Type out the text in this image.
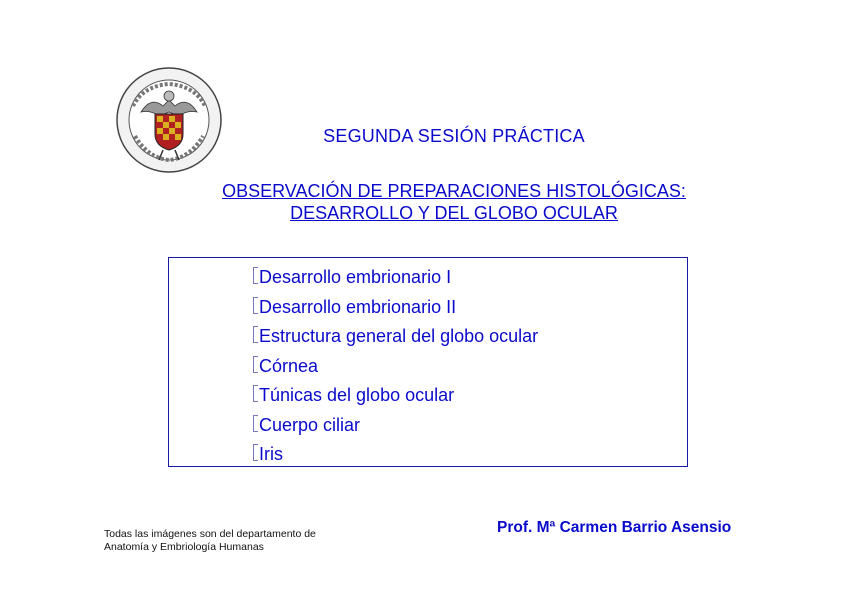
SEGUNDA SESIÓN PRÁCTICA
OBSERVACIÓN DE PREPARACIONES HISTOLÓGICAS:
DESARROLLO Y DEL GLOBO OCULAR
Desarrollo embrionario I
Desarrollo embrionario II
Estructura general del globo ocular
Córnea
Túnicas del globo ocular
Cuerpo ciliar
Iris
Todas las imágenes son del departamento de
Anatomía y Embriología Humanas
Prof. Mª Carmen Barrio Asensio
